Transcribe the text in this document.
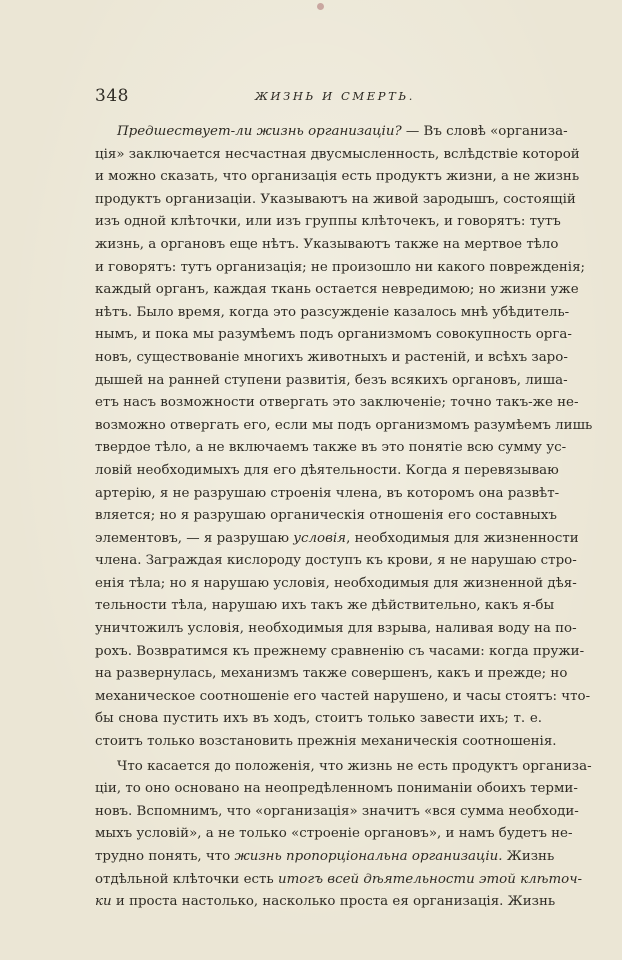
348	ЖИЗНЬ И СМЕРТЬ.
Предшествует-ли жизнь организаціи? — Въ словѣ «организа-
ція» заключается несчастная двусмысленность, вслѣдствіе которой
и можно сказать, что организація есть продуктъ жизни, а не жизнь
продуктъ организаціи. Указываютъ на живой зародышъ, состоящій
изъ одной клѣточки, или изъ группы клѣточекъ, и говорятъ: тутъ
жизнь, а органовъ еще нѣтъ. Указываютъ также на мертвое тѣло
и говорятъ: тутъ организація; не произошло ни какого поврежденія;
каждый органъ, каждая ткань остается невредимою; но жизни уже
нѣтъ. Было время, когда это разсужденіе казалось мнѣ убѣдитель-
нымъ, и пока мы разумѣемъ подъ организмомъ совокупность орга-
новъ, существованіе многихъ животныхъ и растеній, и всѣхъ заро-
дышей на ранней ступени развитія, безъ всякихъ органовъ, лиша-
етъ насъ возможности отвергать это заключеніе; точно такъ-же не-
возможно отвергать его, если мы подъ организмомъ разумѣемъ лишь
твердое тѣло, а не включаемъ также въ это понятіе всю сумму ус-
ловій необходимыхъ для его дѣятельности. Когда я перевязываю
артерію, я не разрушаю строенія члена, въ которомъ она развѣт-
вляется; но я разрушаю органическія отношенія его составныхъ
элементовъ, — я разрушаю условія, необходимыя для жизненности
члена. Заграждая кислороду доступъ къ крови, я не нарушаю стро-
енія тѣла; но я нарушаю условія, необходимыя для жизненной дѣя-
тельности тѣла, нарушаю ихъ такъ же дѣйствительно, какъ я-бы
уничтожилъ условія, необходимыя для взрыва, наливая воду на по-
рохъ. Возвратимся къ прежнему сравненію съ часами: когда пружи-
на развернулась, механизмъ также совершенъ, какъ и прежде; но
механическое соотношеніе его частей нарушено, и часы стоятъ: что-
бы снова пустить ихъ въ ходъ, стоитъ только завести ихъ; т. е.
стоитъ только возстановить прежнія механическія соотношенія.
Что касается до положенія, что жизнь не есть продуктъ организа-
ціи, то оно основано на неопредѣленномъ пониманіи обоихъ терми-
новъ. Вспомнимъ, что «организація» значитъ «вся сумма необходи-
мыхъ условій», а не только «строеніе органовъ», и намъ будетъ не-
трудно понять, что жизнь пропорціональна организаціи. Жизнь
отдѣльной клѣточки есть итогъ всей дѣятельности этой клѣточ-
ки и проста настолько, насколько проста ея организація. Жизнь
